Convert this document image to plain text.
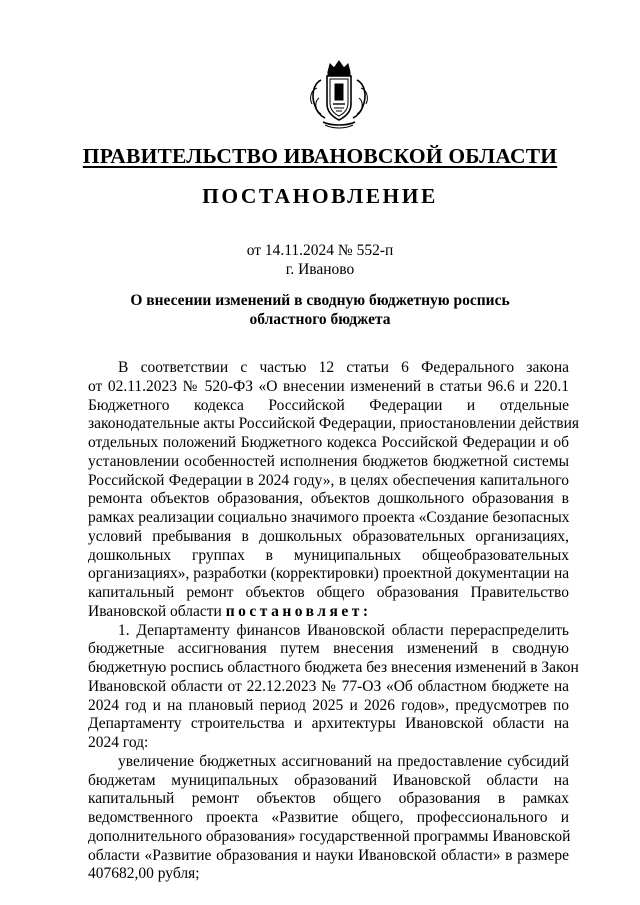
ПРАВИТЕЛЬСТВО ИВАНОВСКОЙ ОБЛАСТИ
ПОСТАНОВЛЕНИЕ
от 14.11.2024 № 552-п
г. Иваново
О внесении изменений в сводную бюджетную роспись
областного бюджета
В соответствии с частью 12 статьи 6 Федерального закона
от 02.11.2023 № 520-ФЗ «О внесении изменений в статьи 96.6 и 220.1
Бюджетного кодекса Российской Федерации и отдельные
законодательные акты Российской Федерации, приостановлении действия
отдельных положений Бюджетного кодекса Российской Федерации и об
установлении особенностей исполнения бюджетов бюджетной системы
Российской Федерации в 2024 году», в целях обеспечения капитального
ремонта объектов образования, объектов дошкольного образования в
рамках реализации социально значимого проекта «Создание безопасных
условий пребывания в дошкольных образовательных организациях,
дошкольных группах в муниципальных общеобразовательных
организациях», разработки (корректировки) проектной документации на
капитальный ремонт объектов общего образования Правительство
Ивановской области постановляет:
1. Департаменту финансов Ивановской области перераспределить
бюджетные ассигнования путем внесения изменений в сводную
бюджетную роспись областного бюджета без внесения изменений в Закон
Ивановской области от 22.12.2023 № 77-ОЗ «Об областном бюджете на
2024 год и на плановый период 2025 и 2026 годов», предусмотрев по
Департаменту строительства и архитектуры Ивановской области на
2024 год:
увеличение бюджетных ассигнований на предоставление субсидий
бюджетам муниципальных образований Ивановской области на
капитальный ремонт объектов общего образования в рамках
ведомственного проекта «Развитие общего, профессионального и
дополнительного образования» государственной программы Ивановской
области «Развитие образования и науки Ивановской области» в размере
407682,00 рубля;
